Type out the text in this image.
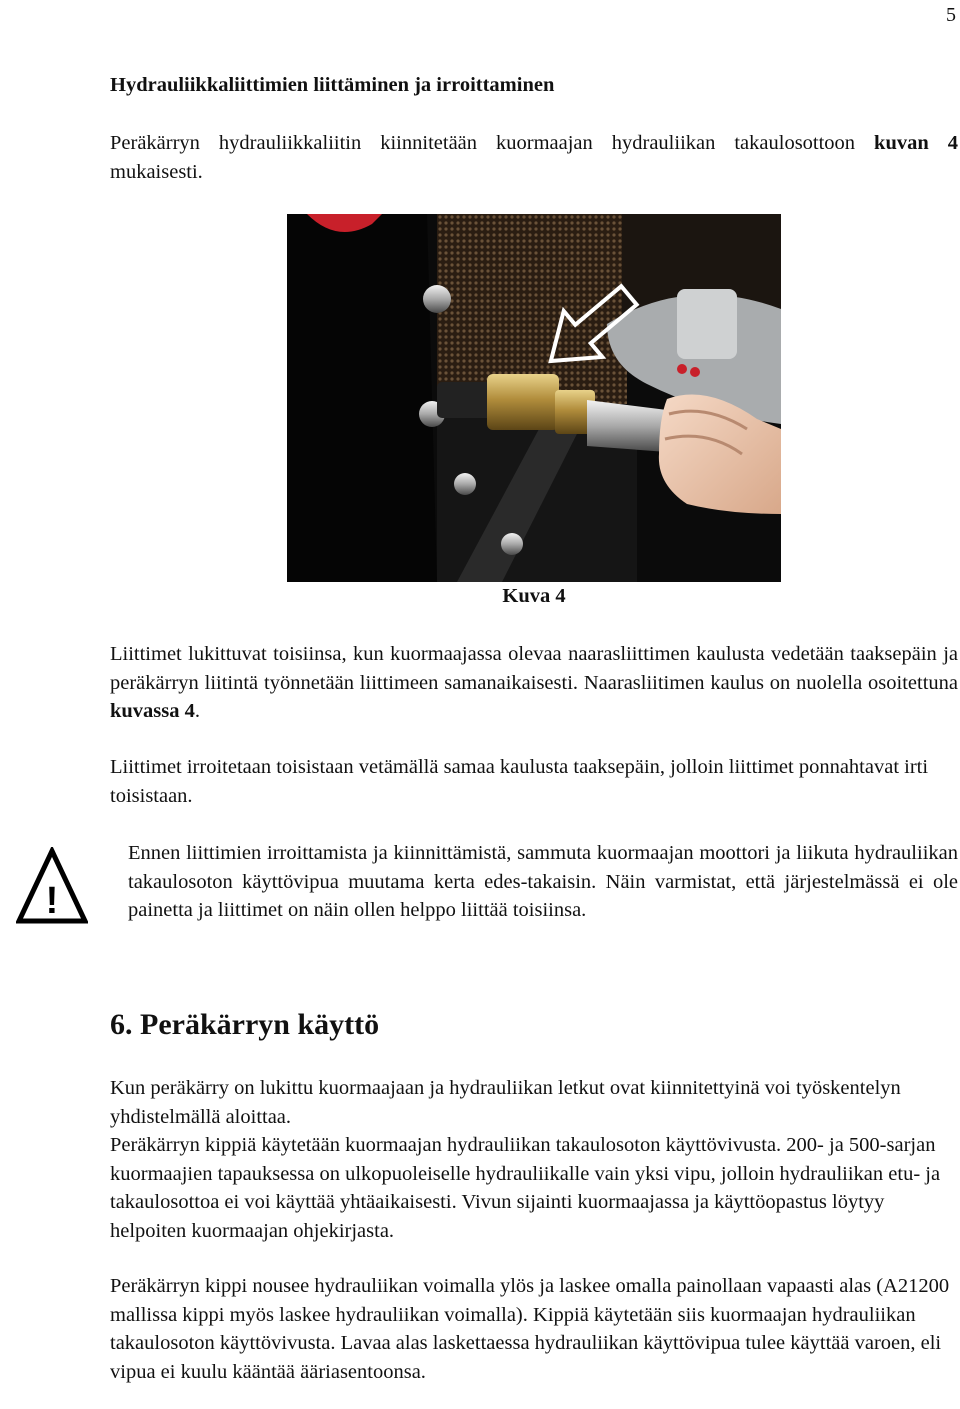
5
Hydrauliikkaliittimien liittäminen ja irroittaminen
Peräkärryn hydrauliikkaliitin kiinnitetään kuormaajan hydrauliikan takaulosottoon kuvan 4 mukaisesti.
Kuva 4
Liittimet lukittuvat toisiinsa, kun kuormaajassa olevaa naarasliittimen kaulusta vedetään taaksepäin ja peräkärryn liitintä työnnetään liittimeen samanaikaisesti. Naarasliitimen kaulus on nuolella osoitettuna kuvassa 4.
Liittimet irroitetaan toisistaan vetämällä samaa kaulusta taaksepäin, jolloin liittimet ponnahtavat irti toisistaan.
!
Ennen liittimien irroittamista ja kiinnittämistä, sammuta kuormaajan moottori ja liikuta hydrauliikan takaulosoton käyttövipua muutama kerta edes-takaisin. Näin varmistat, että järjestelmässä ei ole painetta ja liittimet on näin ollen helppo liittää toisiinsa.
6. Peräkärryn käyttö
Kun peräkärry on lukittu kuormaajaan ja hydrauliikan letkut ovat kiinnitettyinä voi työskentelyn yhdistelmällä aloittaa.
Peräkärryn kippiä käytetään kuormaajan hydrauliikan takaulosoton käyttövivusta. 200- ja 500-sarjan kuormaajien tapauksessa on ulkopuoleiselle hydrauliikalle vain yksi vipu, jolloin hydrauliikan etu- ja takaulosottoa ei voi käyttää yhtäaikaisesti. Vivun sijainti kuormaajassa ja käyttöopastus löytyy helpoiten kuormaajan ohjekirjasta.
Peräkärryn kippi nousee hydrauliikan voimalla ylös ja laskee omalla painollaan vapaasti alas (A21200 mallissa kippi myös laskee hydrauliikan voimalla). Kippiä käytetään siis kuormaajan hydrauliikan takaulosoton käyttövivusta. Lavaa alas laskettaessa hydrauliikan käyttövipua tulee käyttää varoen, eli vipua ei kuulu kääntää ääriasentoonsa.
